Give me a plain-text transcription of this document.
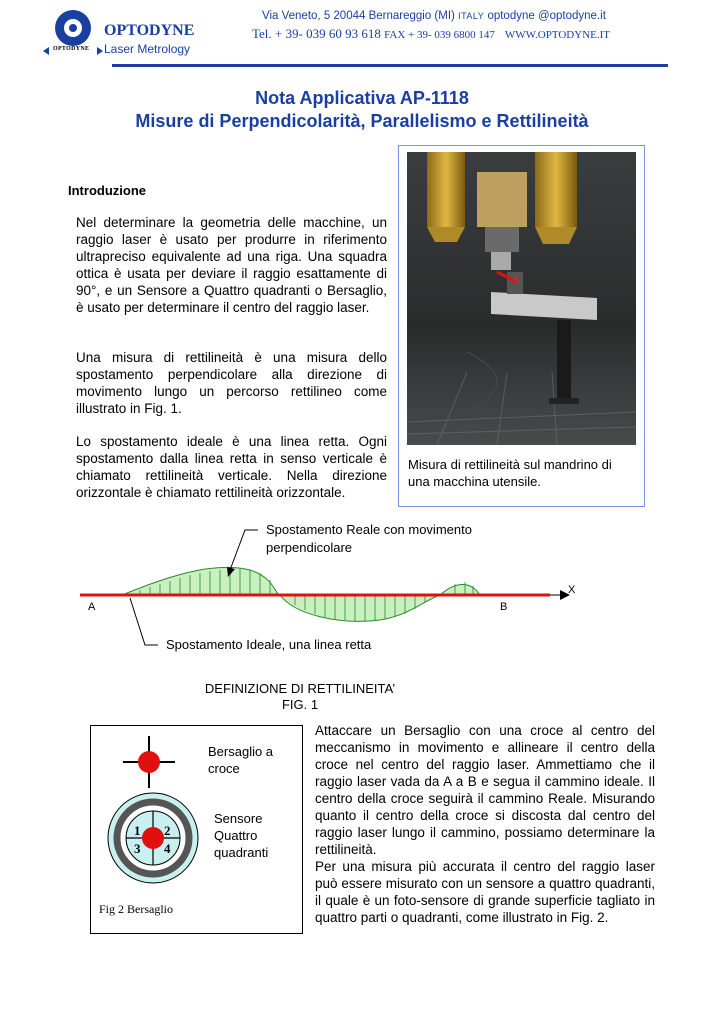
OPTODYNE
OPTODYNE
Laser Metrology
Via Veneto, 5 20044 Bernareggio (MI) ITALY optodyne @optodyne.it
Tel. + 39- 039 60 93 618 FAX + 39- 039 6800 147 WWW.OPTODYNE.IT
Nota Applicativa AP-1118
Misure di Perpendicolarità, Parallelismo e Rettilineità
Introduzione
Nel determinare la geometria delle macchine, un raggio laser è usato per produrre in riferimento ultrapreciso equivalente ad una riga. Una squadra ottica è usata per deviare il raggio esattamente di 90°, e un Sensore a Quattro quadranti o Bersaglio, è usato per determinare il centro del raggio laser.
Una misura di rettilineità è una misura dello spostamento perpendicolare alla direzione di movimento lungo un percorso rettilineo come illustrato in Fig. 1.
Lo spostamento ideale è una linea retta. Ogni spostamento dalla linea retta in senso verticale è chiamato rettilineità verticale. Nella direzione orizzontale è chiamato rettilineità orizzontale.
1
Misura di rettilineità sul mandrino di una macchina utensile.
Spostamento Reale con movimento
perpendicolare
Spostamento Ideale, una linea retta
A	B
X
DEFINIZIONE DI RETTILINEITA’
FIG. 1
1 2
3 4
Bersaglio a
croce
Sensore
Quattro
quadranti
Fig 2 Bersaglio
Attaccare un Bersaglio con una croce al centro del meccanismo in movimento e allineare il centro della croce nel centro del raggio laser. Ammettiamo che il raggio laser vada da A a B e segua il cammino ideale. Il centro della croce seguirà il cammino Reale. Misurando quanto il centro della croce si discosta dal centro del raggio laser lungo il cammino, possiamo determinare la rettilineità.
Per una misura più accurata il centro del raggio laser può essere misurato con un sensore a quattro quadranti, il quale è un foto-sensore di grande superficie tagliato in quattro parti o quadranti, come illustrato in Fig. 2.
